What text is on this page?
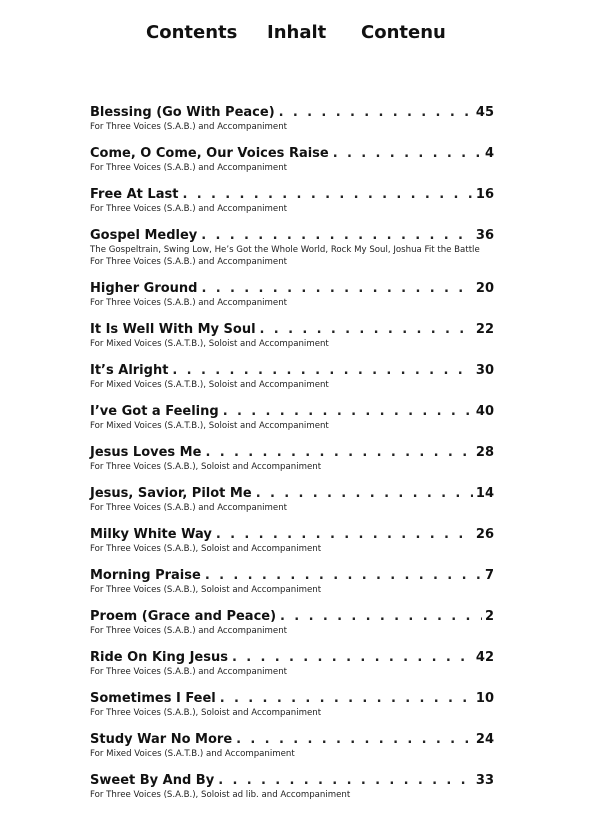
Contents Inhalt Contenu
Blessing (Go With Peace) . . .	45
For Three Voices (S.A.B.) and Accompaniment
Come, O Come, Our Voices Raise . . .	4
For Three Voices (S.A.B.) and Accompaniment
Free At Last . . .	16
For Three Voices (S.A.B.) and Accompaniment
Gospel Medley . . .	36
The Gospeltrain, Swing Low, He’s Got the Whole World, Rock My Soul, Joshua Fit the Battle
For Three Voices (S.A.B.) and Accompaniment
Higher Ground . . .	20
For Three Voices (S.A.B.) and Accompaniment
It Is Well With My Soul . . .	22
For Mixed Voices (S.A.T.B.), Soloist and Accompaniment
It’s Alright . . .	30
For Mixed Voices (S.A.T.B.), Soloist and Accompaniment
I’ve Got a Feeling . . .	40
For Mixed Voices (S.A.T.B.), Soloist and Accompaniment
Jesus Loves Me . . .	28
For Three Voices (S.A.B.), Soloist and Accompaniment
Jesus, Savior, Pilot Me . . .	14
For Three Voices (S.A.B.) and Accompaniment
Milky White Way . . .	26
For Three Voices (S.A.B.), Soloist and Accompaniment
Morning Praise . . .	7
For Three Voices (S.A.B.), Soloist and Accompaniment
Proem (Grace and Peace) . . .	2
For Three Voices (S.A.B.) and Accompaniment
Ride On King Jesus . . .	42
For Three Voices (S.A.B.) and Accompaniment
Sometimes I Feel . . .	10
For Three Voices (S.A.B.), Soloist and Accompaniment
Study War No More . . .	24
For Mixed Voices (S.A.T.B.) and Accompaniment
Sweet By And By . . .	33
For Three Voices (S.A.B.), Soloist ad lib. and Accompaniment
